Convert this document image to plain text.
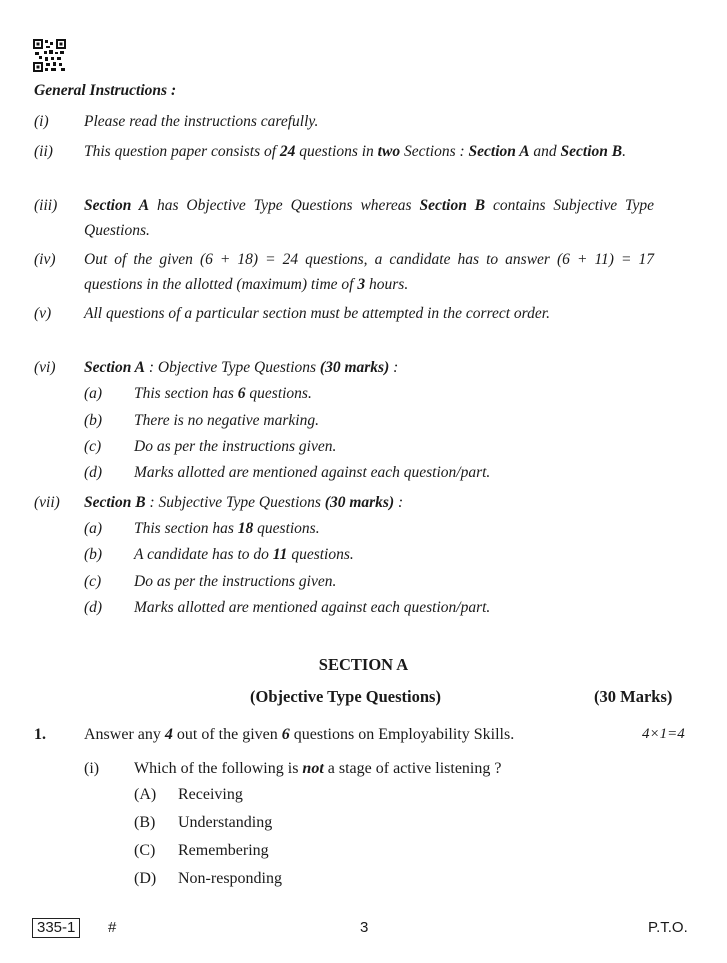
General Instructions :
(i) Please read the instructions carefully.
(ii) This question paper consists of 24 questions in two Sections : Section A and Section B.
(iii) Section A has Objective Type Questions whereas Section B contains Subjective Type Questions.
(iv) Out of the given (6 + 18) = 24 questions, a candidate has to answer (6 + 11) = 17 questions in the allotted (maximum) time of 3 hours.
(v) All questions of a particular section must be attempted in the correct order.
(vi) Section A : Objective Type Questions (30 marks) :
(a) This section has 6 questions.
(b) There is no negative marking.
(c) Do as per the instructions given.
(d) Marks allotted are mentioned against each question/part.
(vii) Section B : Subjective Type Questions (30 marks) :
(a) This section has 18 questions.
(b) A candidate has to do 11 questions.
(c) Do as per the instructions given.
(d) Marks allotted are mentioned against each question/part.
SECTION A
(Objective Type Questions)	(30 Marks)
1. Answer any 4 out of the given 6 questions on Employability Skills.	4×1=4
(i) Which of the following is not a stage of active listening ?
(A) Receiving
(B) Understanding
(C) Remembering
(D) Non-responding
335-1	#	3	P.T.O.
